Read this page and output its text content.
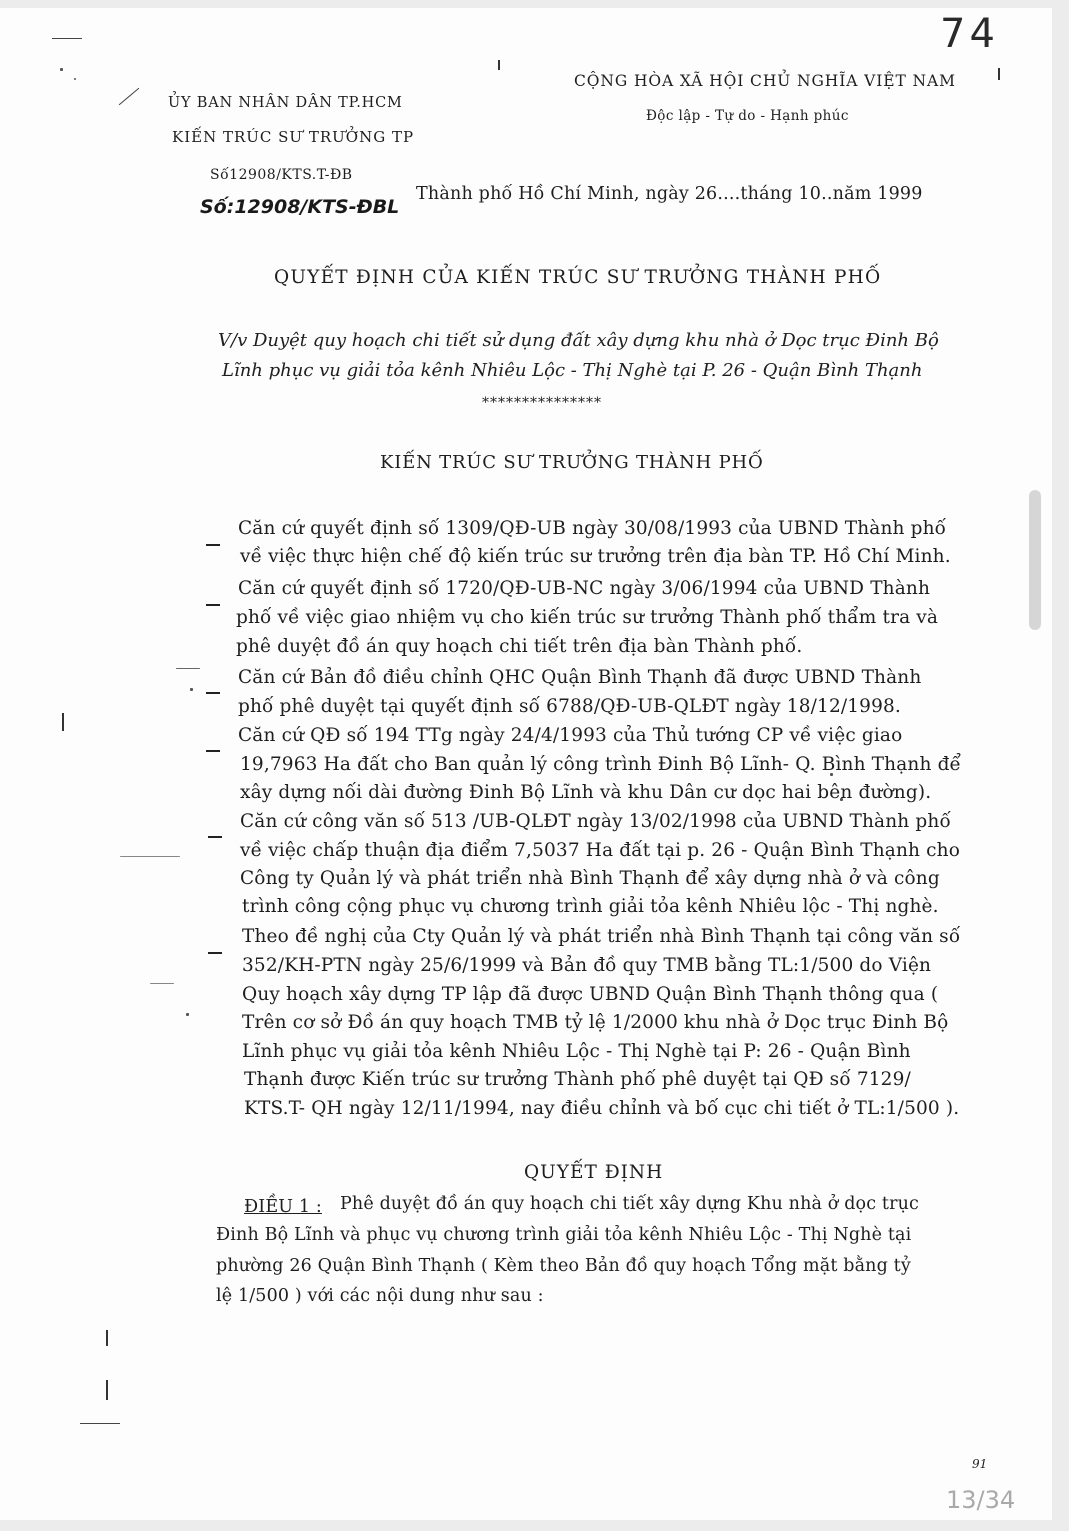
74
ỦY BAN NHÂN DÂN TP.HCM
KIẾN TRÚC SƯ TRƯỞNG TP
Số12908/KTS.T-ĐB
Số:12908/KTS-ĐBL
CỘNG HÒA XÃ HỘI CHỦ NGHĨA VIỆT NAM
Độc lập - Tự do - Hạnh phúc
Thành phố Hồ Chí Minh, ngày 26....tháng 10..năm 1999
QUYẾT ĐỊNH CỦA KIẾN TRÚC SƯ TRƯỞNG THÀNH PHỐ
V/v Duyệt quy hoạch chi tiết sử dụng đất xây dựng khu nhà ở Dọc trục Đinh Bộ
Lĩnh phục vụ giải tỏa kênh Nhiêu Lộc - Thị Nghè tại P. 26 - Quận Bình Thạnh
***************
KIẾN TRÚC SƯ TRƯỞNG THÀNH PHỐ
Căn cứ quyết định số 1309/QĐ-UB ngày 30/08/1993 của UBND Thành phố
về việc thực hiện chế độ kiến trúc sư trưởng trên địa bàn TP. Hồ Chí Minh.
Căn cứ quyết định số 1720/QĐ-UB-NC ngày 3/06/1994 của UBND Thành
phố về việc giao nhiệm vụ cho kiến trúc sư trưởng Thành phố thẩm tra và
phê duyệt đồ án quy hoạch chi tiết trên địa bàn Thành phố.
Căn cứ Bản đồ điều chỉnh QHC Quận Bình Thạnh đã được UBND Thành
phố phê duyệt tại quyết định số 6788/QĐ-UB-QLĐT ngày 18/12/1998.
Căn cứ QĐ số 194 TTg ngày 24/4/1993 của Thủ tướng CP về việc giao
19,7963 Ha đất cho Ban quản lý công trình Đinh Bộ Lĩnh- Q. Bình Thạnh để
xây dựng nối dài đường Đinh Bộ Lĩnh và khu Dân cư dọc hai bên đường).
Căn cứ công văn số 513 /UB-QLĐT ngày 13/02/1998 của UBND Thành phố
về việc chấp thuận địa điểm 7,5037 Ha đất tại p. 26 - Quận Bình Thạnh cho
Công ty Quản lý và phát triển nhà Bình Thạnh để xây dựng nhà ở và công
trình công cộng phục vụ chương trình giải tỏa kênh Nhiêu lộc - Thị nghè.
Theo đề nghị của Cty Quản lý và phát triển nhà Bình Thạnh tại công văn số
352/KH-PTN ngày 25/6/1999 và Bản đồ quy TMB bằng TL:1/500 do Viện
Quy hoạch xây dựng TP lập đã được UBND Quận Bình Thạnh thông qua (
Trên cơ sở Đồ án quy hoạch TMB tỷ lệ 1/2000 khu nhà ở Dọc trục Đinh Bộ
Lĩnh phục vụ giải tỏa kênh Nhiêu Lộc - Thị Nghè tại P: 26 - Quận Bình
Thạnh được Kiến trúc sư trưởng Thành phố phê duyệt tại QĐ số 7129/
KTS.T- QH ngày 12/11/1994, nay điều chỉnh và bố cục chi tiết ở TL:1/500 ).
QUYẾT ĐỊNH
ĐIỀU 1 : Phê duyệt đồ án quy hoạch chi tiết xây dựng Khu nhà ở dọc trục
Đinh Bộ Lĩnh và phục vụ chương trình giải tỏa kênh Nhiêu Lộc - Thị Nghè tại
phường 26 Quận Bình Thạnh ( Kèm theo Bản đồ quy hoạch Tổng mặt bằng tỷ
lệ 1/500 ) với các nội dung như sau :
91
13/34
